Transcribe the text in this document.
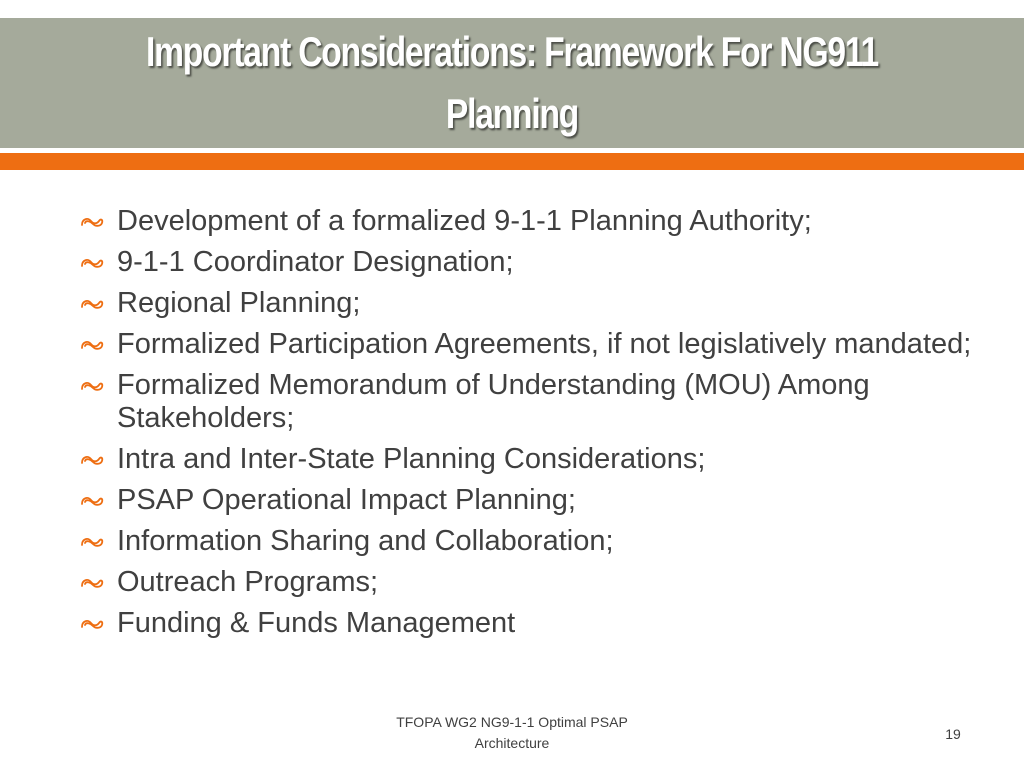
Important Considerations: Framework For NG911 Planning
Development of a formalized 9-1-1 Planning Authority;
9-1-1 Coordinator Designation;
Regional Planning;
Formalized Participation Agreements, if not legislatively mandated;
Formalized Memorandum of Understanding (MOU) Among Stakeholders;
Intra and Inter-State Planning Considerations;
PSAP Operational Impact Planning;
Information Sharing and Collaboration;
Outreach Programs;
Funding & Funds Management
TFOPA WG2 NG9-1-1 Optimal PSAP Architecture
19
